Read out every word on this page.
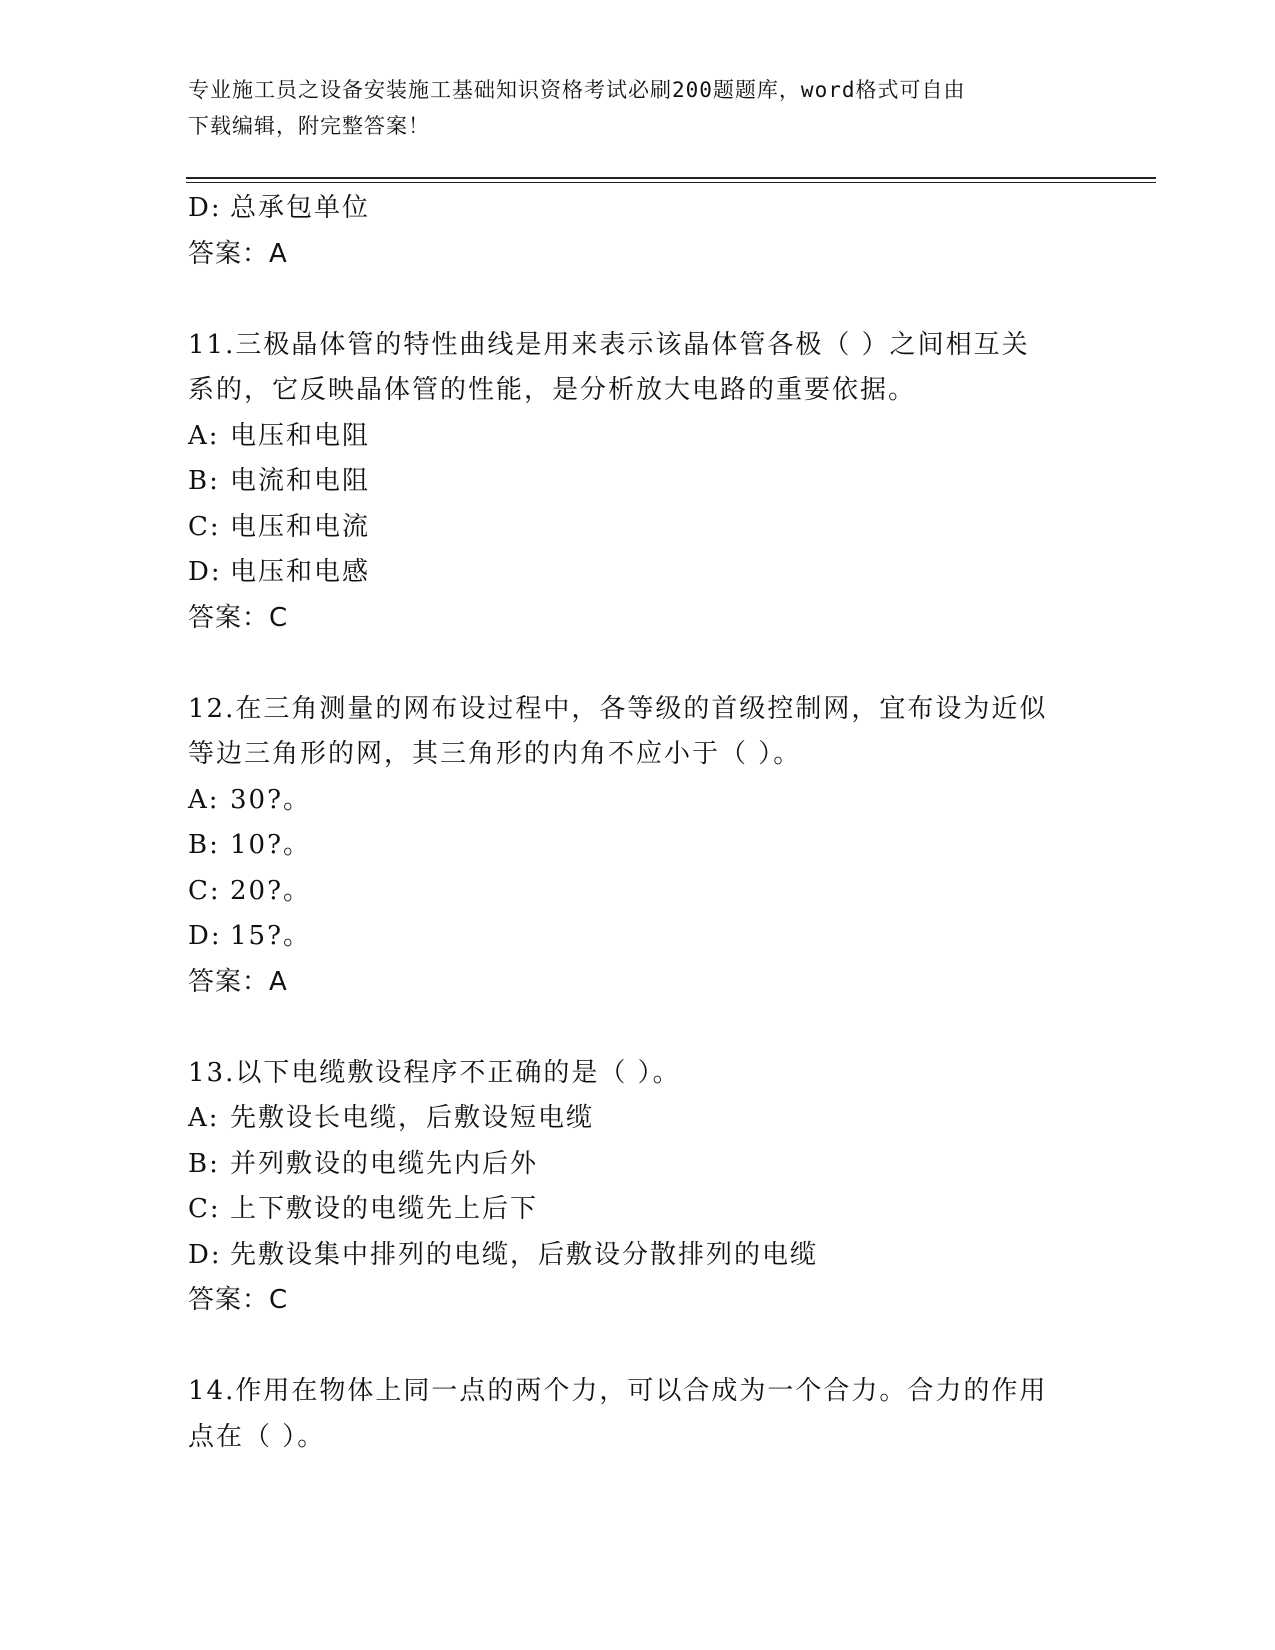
专业施工员之设备安装施工基础知识资格考试必刷200题题库，word格式可自由
下载编辑，附完整答案！
D: 总承包单位
答案：A
11.三极晶体管的特性曲线是用来表示该晶体管各极（ ）之间相互关
系的，它反映晶体管的性能，是分析放大电路的重要依据。
A: 电压和电阻
B: 电流和电阻
C: 电压和电流
D: 电压和电感
答案：C
12.在三角测量的网布设过程中，各等级的首级控制网，宜布设为近似
等边三角形的网，其三角形的内角不应小于（ ）。
A: 30?。
B: 10?。
C: 20?。
D: 15?。
答案：A
13.以下电缆敷设程序不正确的是（ ）。
A: 先敷设长电缆，后敷设短电缆
B: 并列敷设的电缆先内后外
C: 上下敷设的电缆先上后下
D: 先敷设集中排列的电缆，后敷设分散排列的电缆
答案：C
14.作用在物体上同一点的两个力，可以合成为一个合力。合力的作用
点在（ ）。
